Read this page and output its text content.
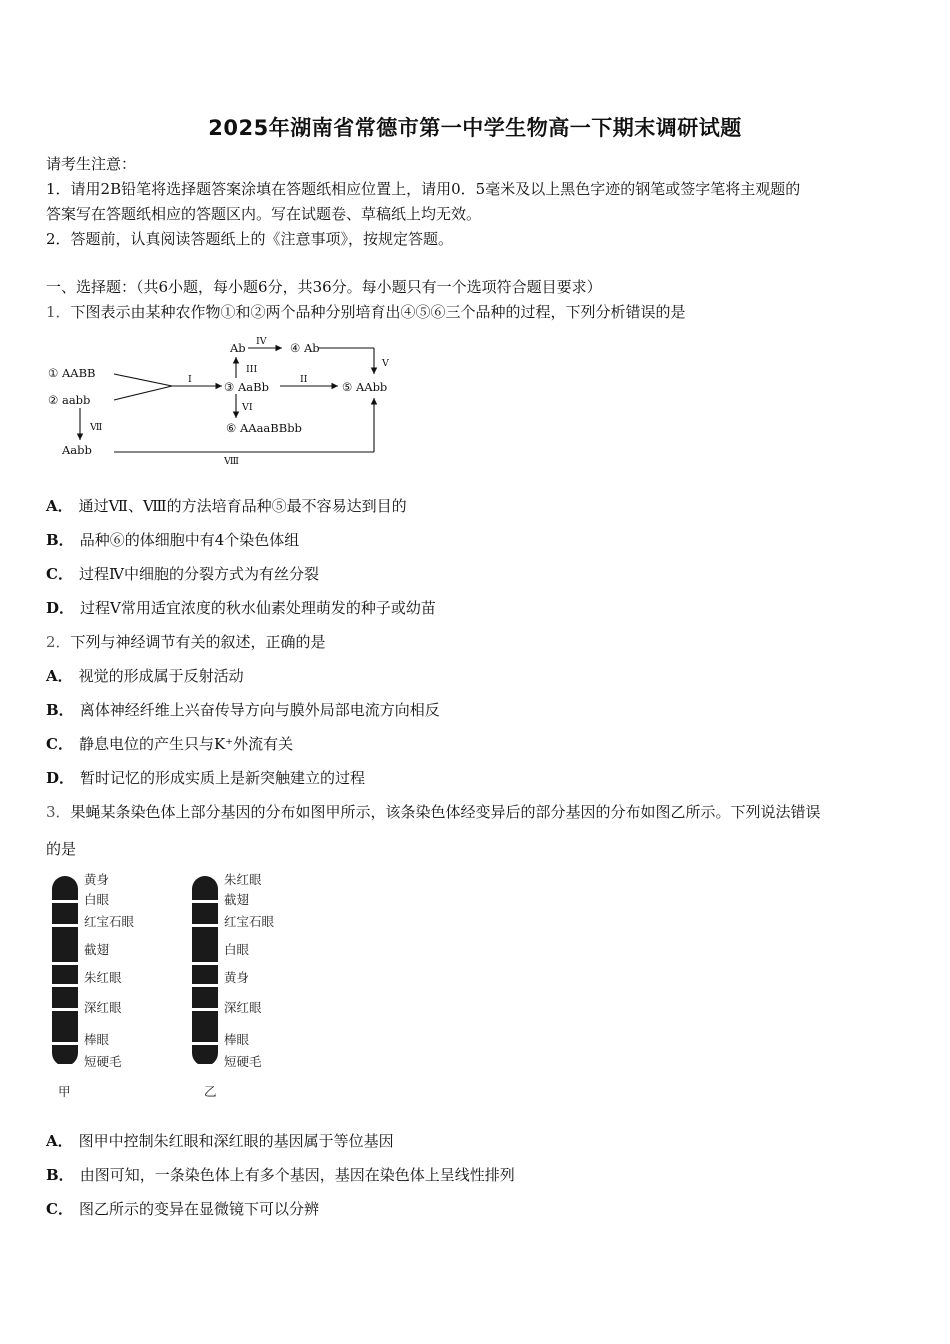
2025年湖南省常德市第一中学生物高一下期末调研试题
请考生注意：
1．请用2B铅笔将选择题答案涂填在答题纸相应位置上，请用0．5毫米及以上黑色字迹的钢笔或签字笔将主观题的
答案写在答题纸相应的答题区内。写在试题卷、草稿纸上均无效。
2．答题前，认真阅读答题纸上的《注意事项》，按规定答题。
一、选择题：（共6小题，每小题6分，共36分。每小题只有一个选项符合题目要求）
1．下图表示由某种农作物①和②两个品种分别培育出④⑤⑥三个品种的过程，下列分析错误的是
① AABB
② aabb
Ab	④ Ab
③ AaBb	⑤ AAbb
⑥ AAaaBBbb
Aabb
I	II
III
IV
V
VI
Ⅶ
Ⅷ
A． 通过Ⅶ、Ⅷ的方法培育品种⑤最不容易达到目的
B． 品种⑥的体细胞中有4个染色体组
C． 过程Ⅳ中细胞的分裂方式为有丝分裂
D． 过程Ⅴ常用适宜浓度的秋水仙素处理萌发的种子或幼苗
2．下列与神经调节有关的叙述，正确的是
A． 视觉的形成属于反射活动
B． 离体神经纤维上兴奋传导方向与膜外局部电流方向相反
C． 静息电位的产生只与K⁺外流有关
D． 暂时记忆的形成实质上是新突触建立的过程
3．果蝇某条染色体上部分基因的分布如图甲所示，该条染色体经变异后的部分基因的分布如图乙所示。下列说法错误
的是
黄身
白眼
红宝石眼
截翅
朱红眼
深红眼
棒眼
短硬毛
朱红眼
截翅
红宝石眼
白眼
黄身
深红眼
棒眼
短硬毛
甲	乙
A． 图甲中控制朱红眼和深红眼的基因属于等位基因
B． 由图可知，一条染色体上有多个基因，基因在染色体上呈线性排列
C． 图乙所示的变异在显微镜下可以分辨
